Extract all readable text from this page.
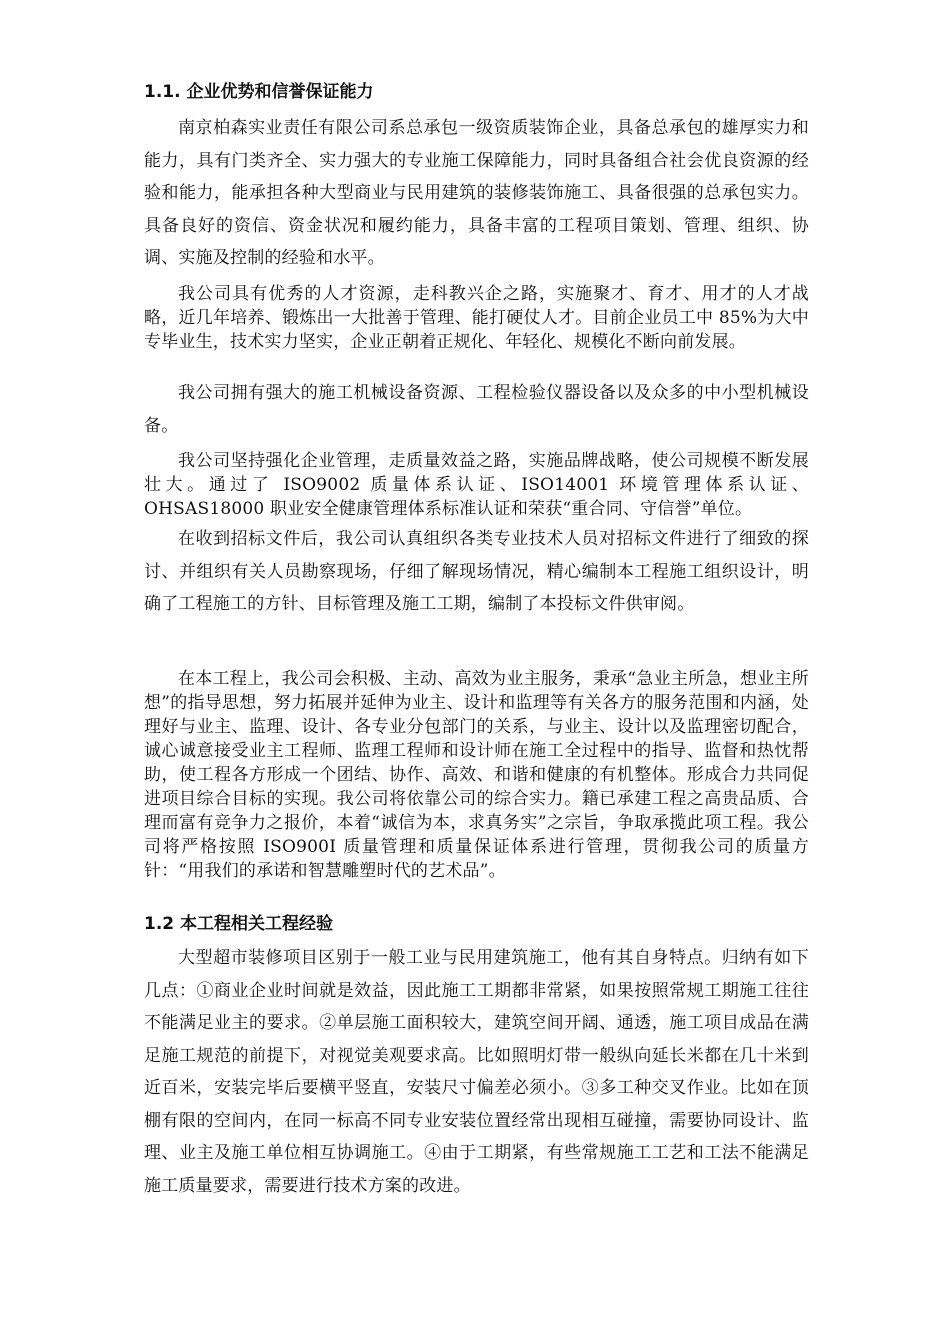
1.1. 企业优势和信誉保证能力

南京柏森实业责任有限公司系总承包一级资质装饰企业，具备总承包的雄厚实力和能力，具有门类齐全、实力强大的专业施工保障能力，同时具备组合社会优良资源的经验和能力，能承担各种大型商业与民用建筑的装修装饰施工、具备很强的总承包实力。具备良好的资信、资金状况和履约能力，具备丰富的工程项目策划、管理、组织、协调、实施及控制的经验和水平。

我公司具有优秀的人才资源，走科教兴企之路，实施聚才、育才、用才的人才战略，近几年培养、锻炼出一大批善于管理、能打硬仗人才。目前企业员工中 85%为大中专毕业生，技术实力坚实，企业正朝着正规化、年轻化、规模化不断向前发展。

我公司拥有强大的施工机械设备资源、工程检验仪器设备以及众多的中小型机械设备。

我公司坚持强化企业管理，走质量效益之路，实施品牌战略，使公司规模不断发展壮大。通过了 ISO9002 质量体系认证、ISO14001 环境管理体系认证、OHSAS18000 职业安全健康管理体系标准认证和荣获“重合同、守信誉”单位。

在收到招标文件后，我公司认真组织各类专业技术人员对招标文件进行了细致的探讨、并组织有关人员勘察现场，仔细了解现场情况，精心编制本工程施工组织设计，明确了工程施工的方针、目标管理及施工工期，编制了本投标文件供审阅。

在本工程上，我公司会积极、主动、高效为业主服务，秉承“急业主所急，想业主所想”的指导思想，努力拓展并延伸为业主、设计和监理等有关各方的服务范围和内涵，处理好与业主、监理、设计、各专业分包部门的关系，与业主、设计以及监理密切配合，诚心诚意接受业主工程师、监理工程师和设计师在施工全过程中的指导、监督和热忱帮助，使工程各方形成一个团结、协作、高效、和谐和健康的有机整体。形成合力共同促进项目综合目标的实现。我公司将依靠公司的综合实力。籍已承建工程之高贵品质、合理而富有竞争力之报价，本着“诚信为本，求真务实”之宗旨，争取承揽此项工程。我公司将严格按照 ISO900I 质量管理和质量保证体系进行管理，贯彻我公司的质量方针：“用我们的承诺和智慧雕塑时代的艺术品”。

1.2 本工程相关工程经验

大型超市装修项目区别于一般工业与民用建筑施工，他有其自身特点。归纳有如下几点：①商业企业时间就是效益，因此施工工期都非常紧，如果按照常规工期施工往往不能满足业主的要求。②单层施工面积较大，建筑空间开阔、通透，施工项目成品在满足施工规范的前提下，对视觉美观要求高。比如照明灯带一般纵向延长米都在几十米到近百米，安装完毕后要横平竖直，安装尺寸偏差必须小。③多工种交叉作业。比如在顶棚有限的空间内，在同一标高不同专业安装位置经常出现相互碰撞，需要协同设计、监理、业主及施工单位相互协调施工。④由于工期紧，有些常规施工工艺和工法不能满足施工质量要求，需要进行技术方案的改进。
